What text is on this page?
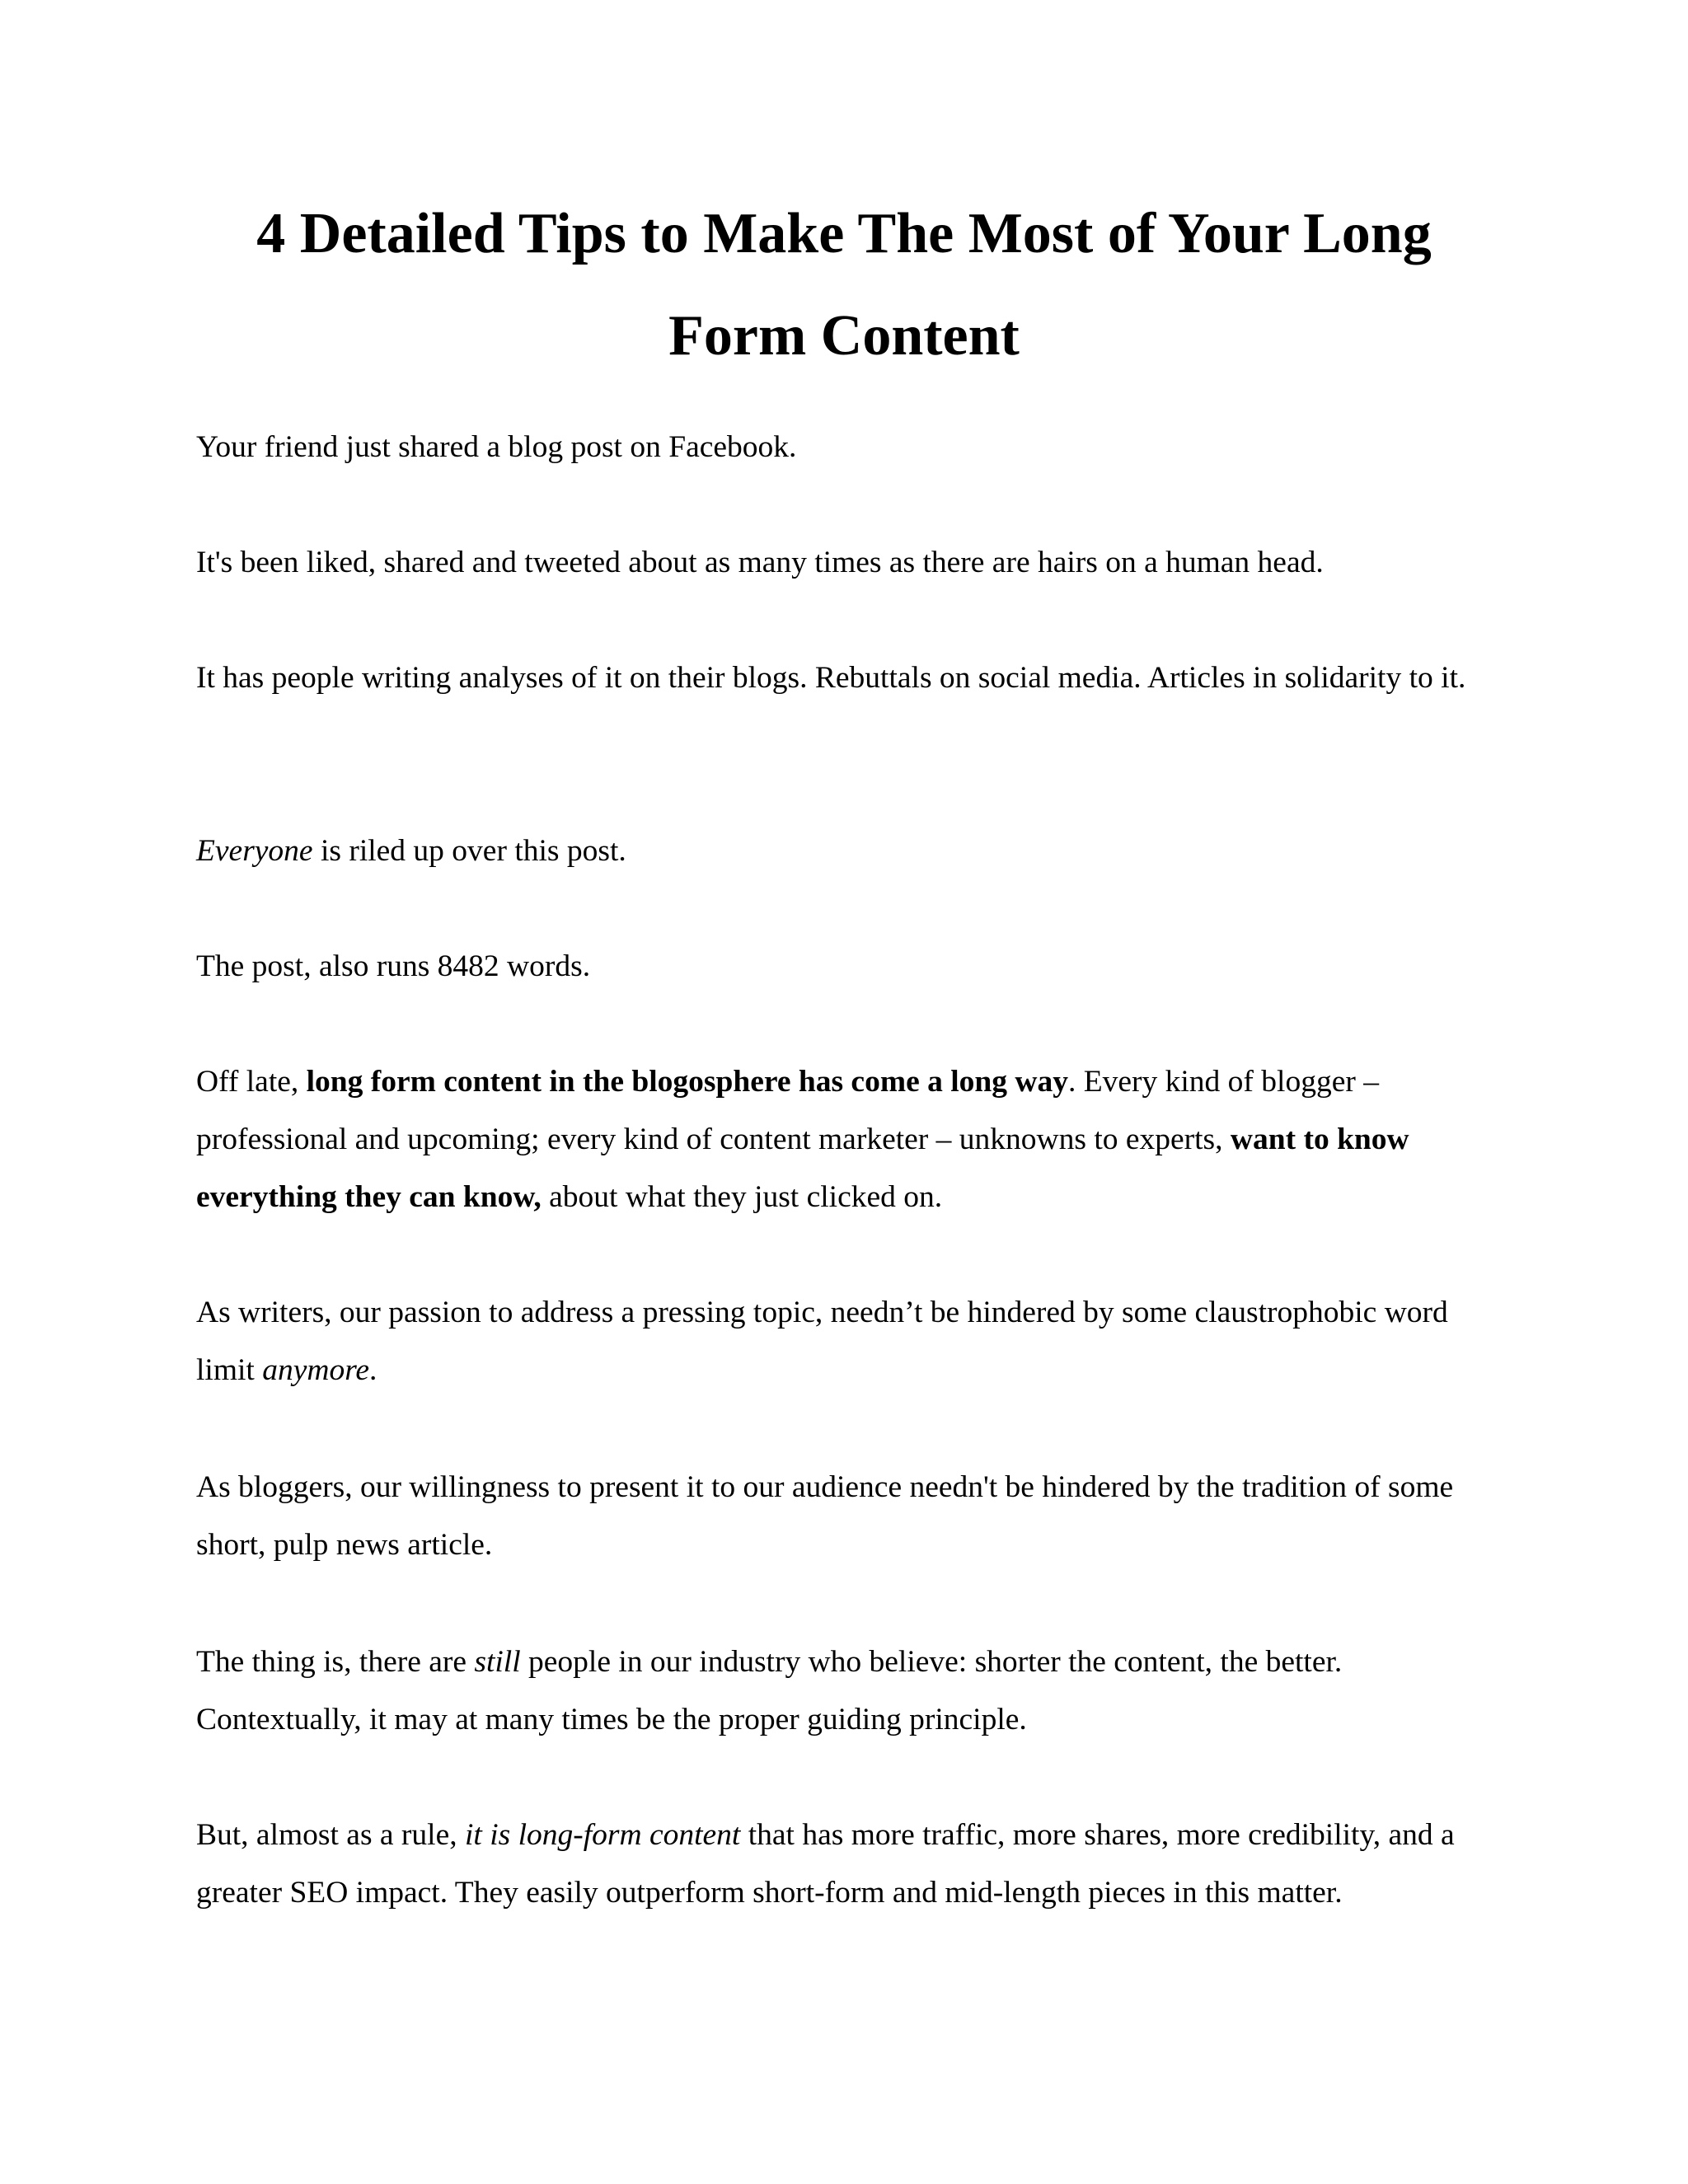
4 Detailed Tips to Make The Most of Your Long Form Content

Your friend just shared a blog post on Facebook.

It's been liked, shared and tweeted about as many times as there are hairs on a human head.

It has people writing analyses of it on their blogs. Rebuttals on social media. Articles in solidarity to it.

Everyone is riled up over this post.

The post, also runs 8482 words.

Off late, long form content in the blogosphere has come a long way. Every kind of blogger – professional and upcoming; every kind of content marketer – unknowns to experts, want to know everything they can know, about what they just clicked on.

As writers, our passion to address a pressing topic, needn’t be hindered by some claustrophobic word limit anymore.

As bloggers, our willingness to present it to our audience needn't be hindered by the tradition of some short, pulp news article.

The thing is, there are still people in our industry who believe: shorter the content, the better. Contextually, it may at many times be the proper guiding principle.

But, almost as a rule, it is long-form content that has more traffic, more shares, more credibility, and a greater SEO impact. They easily outperform short-form and mid-length pieces in this matter.
